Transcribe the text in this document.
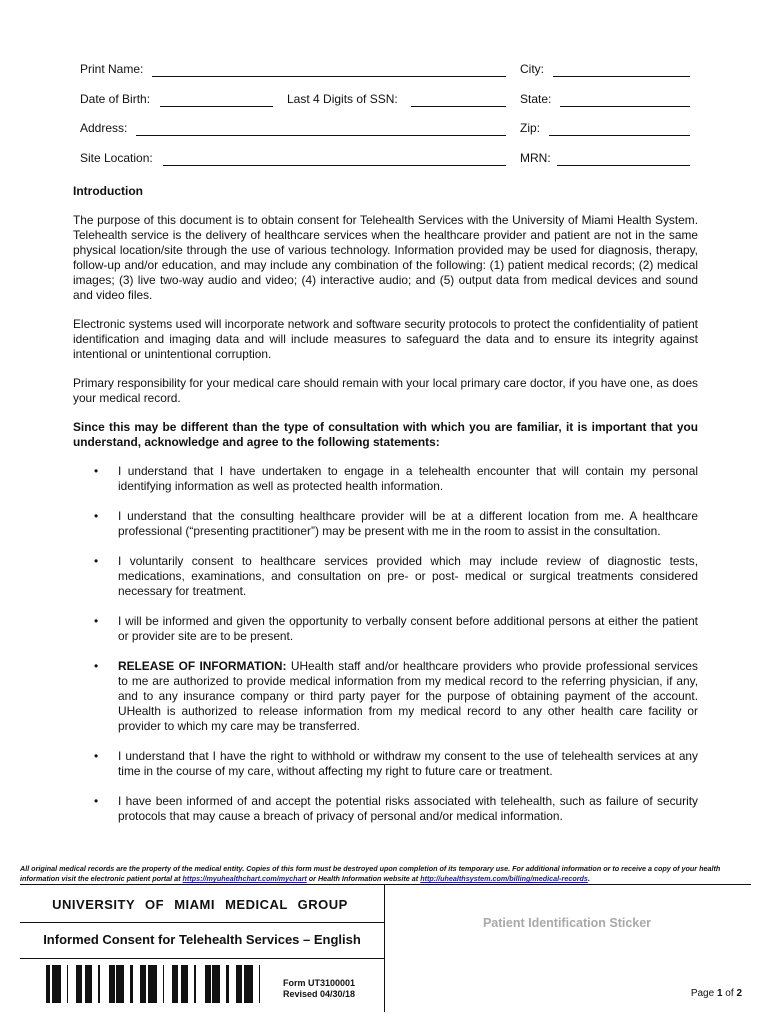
Print Name:	City:
Date of Birth:	Last 4 Digits of SSN:	State:
Address:	Zip:
Site Location:	MRN:
Introduction

The purpose of this document is to obtain consent for Telehealth Services with the University of Miami Health System. Telehealth service is the delivery of healthcare services when the healthcare provider and patient are not in the same physical location/site through the use of various technology. Information provided may be used for diagnosis, therapy, follow-up and/or education, and may include any combination of the following: (1) patient medical records; (2) medical images; (3) live two-way audio and video; (4) interactive audio; and (5) output data from medical devices and sound and video files.

Electronic systems used will incorporate network and software security protocols to protect the confidentiality of patient identification and imaging data and will include measures to safeguard the data and to ensure its integrity against intentional or unintentional corruption.

Primary responsibility for your medical care should remain with your local primary care doctor, if you have one, as does your medical record.

Since this may be different than the type of consultation with which you are familiar, it is important that you understand, acknowledge and agree to the following statements:
• I understand that I have undertaken to engage in a telehealth encounter that will contain my personal identifying information as well as protected health information.
• I understand that the consulting healthcare provider will be at a different location from me. A healthcare professional (“presenting practitioner”) may be present with me in the room to assist in the consultation.
• I voluntarily consent to healthcare services provided which may include review of diagnostic tests, medications, examinations, and consultation on pre- or post- medical or surgical treatments considered necessary for treatment.
• I will be informed and given the opportunity to verbally consent before additional persons at either the patient or provider site are to be present.
• RELEASE OF INFORMATION: UHealth staff and/or healthcare providers who provide professional services to me are authorized to provide medical information from my medical record to the referring physician, if any, and to any insurance company or third party payer for the purpose of obtaining payment of the account. UHealth is authorized to release information from my medical record to any other health care facility or provider to which my care may be transferred.
• I understand that I have the right to withhold or withdraw my consent to the use of telehealth services at any time in the course of my care, without affecting my right to future care or treatment.
• I have been informed of and accept the potential risks associated with telehealth, such as failure of security protocols that may cause a breach of privacy of personal and/or medical information.
All original medical records are the property of the medical entity. Copies of this form must be destroyed upon completion of its temporary use. For additional information or to receive a copy of your health information visit the electronic patient portal at https://myuhealthchart.com/mychart or Health Information website at http://uhealthsystem.com/billing/medical-records.
UNIVERSITY OF MIAMI MEDICAL GROUP
Informed Consent for Telehealth Services – English
Form UT3100001
Revised 04/30/18
Patient Identification Sticker
Page 1 of 2
